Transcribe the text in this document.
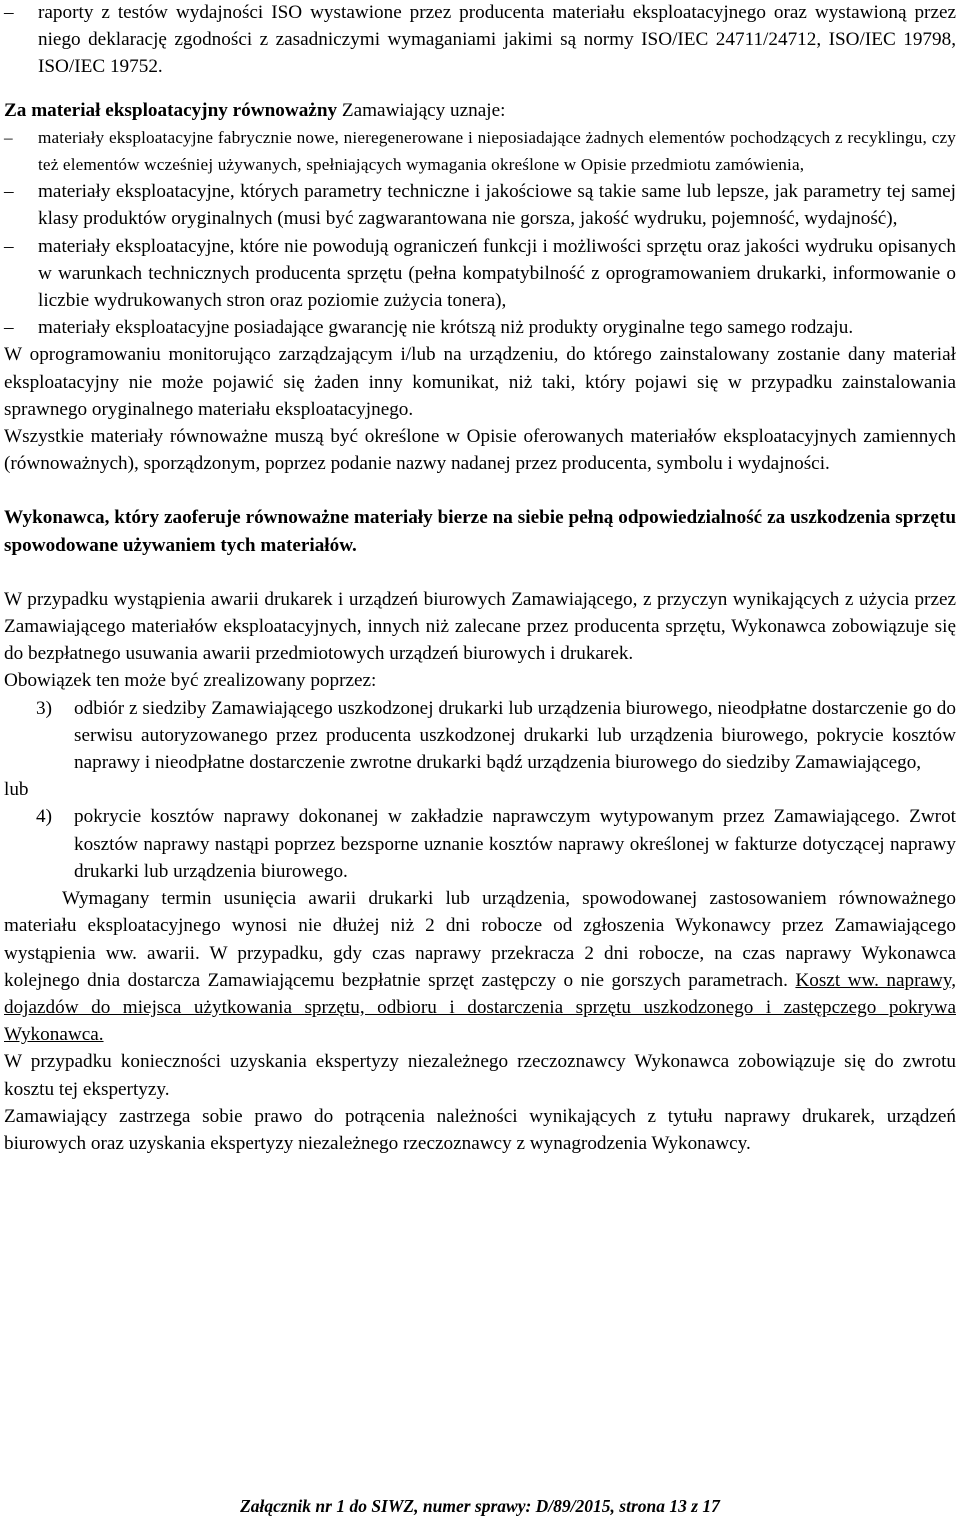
–	raporty z testów wydajności ISO wystawione przez producenta materiału eksploatacyjnego oraz wystawioną przez niego deklarację zgodności z zasadniczymi wymaganiami jakimi są normy ISO/IEC 24711/24712, ISO/IEC 19798, ISO/IEC 19752.

Za materiał eksploatacyjny równoważny Zamawiający uznaje:

–	materiały eksploatacyjne fabrycznie nowe, nieregenerowane i nieposiadające żadnych elementów pochodzących z recyklingu, czy też elementów wcześniej używanych, spełniających wymagania określone w Opisie przedmiotu zamówienia,

–	materiały eksploatacyjne, których parametry techniczne i jakościowe są takie same lub lepsze, jak parametry tej samej klasy produktów oryginalnych (musi być zagwarantowana nie gorsza, jakość wydruku, pojemność, wydajność),

–	materiały eksploatacyjne, które nie powodują ograniczeń funkcji i możliwości sprzętu oraz jakości wydruku opisanych w warunkach technicznych producenta sprzętu (pełna kompatybilność z oprogramowaniem drukarki, informowanie o liczbie wydrukowanych stron oraz poziomie zużycia tonera),

–	materiały eksploatacyjne posiadające gwarancję nie krótszą niż produkty oryginalne tego samego rodzaju.

W oprogramowaniu monitorująco zarządzającym i/lub na urządzeniu, do którego zainstalowany zostanie dany materiał eksploatacyjny nie może pojawić się żaden inny komunikat, niż taki, który pojawi się w przypadku zainstalowania sprawnego oryginalnego materiału eksploatacyjnego.

Wszystkie materiały równoważne muszą być określone w Opisie oferowanych materiałów eksploatacyjnych zamiennych (równoważnych), sporządzonym, poprzez podanie nazwy nadanej przez producenta, symbolu i wydajności.

Wykonawca, który zaoferuje równoważne materiały bierze na siebie pełną odpowiedzialność za uszkodzenia sprzętu spowodowane używaniem tych materiałów.

W przypadku wystąpienia awarii drukarek i urządzeń biurowych Zamawiającego, z przyczyn wynikających z użycia przez Zamawiającego materiałów eksploatacyjnych, innych niż zalecane przez producenta sprzętu, Wykonawca zobowiązuje się do bezpłatnego usuwania awarii przedmiotowych urządzeń biurowych i drukarek.

Obowiązek ten może być zrealizowany poprzez:

3) odbiór z siedziby Zamawiającego uszkodzonej drukarki lub urządzenia biurowego, nieodpłatne dostarczenie go do serwisu autoryzowanego przez producenta uszkodzonej drukarki lub urządzenia biurowego, pokrycie kosztów naprawy i nieodpłatne dostarczenie zwrotne drukarki bądź urządzenia biurowego do siedziby Zamawiającego,

lub

4) pokrycie kosztów naprawy dokonanej w zakładzie naprawczym wytypowanym przez Zamawiającego. Zwrot kosztów naprawy nastąpi poprzez bezsporne uznanie kosztów naprawy określonej w fakturze dotyczącej naprawy drukarki lub urządzenia biurowego.

Wymagany termin usunięcia awarii drukarki lub urządzenia, spowodowanej zastosowaniem równoważnego materiału eksploatacyjnego wynosi nie dłużej niż 2 dni robocze od zgłoszenia Wykonawcy przez Zamawiającego wystąpienia ww. awarii. W przypadku, gdy czas naprawy przekracza 2 dni robocze, na czas naprawy Wykonawca kolejnego dnia dostarcza Zamawiającemu bezpłatnie sprzęt zastępczy o nie gorszych parametrach. Koszt ww. naprawy, dojazdów do miejsca użytkowania sprzętu, odbioru i dostarczenia sprzętu uszkodzonego i zastępczego pokrywa Wykonawca.

W przypadku konieczności uzyskania ekspertyzy niezależnego rzeczoznawcy Wykonawca zobowiązuje się do zwrotu kosztu tej ekspertyzy.

Zamawiający zastrzega sobie prawo do potrącenia należności wynikających z tytułu naprawy drukarek, urządzeń biurowych oraz uzyskania ekspertyzy niezależnego rzeczoznawcy z wynagrodzenia Wykonawcy.

Załącznik nr 1 do SIWZ, numer sprawy: D/89/2015, strona 13 z 17
